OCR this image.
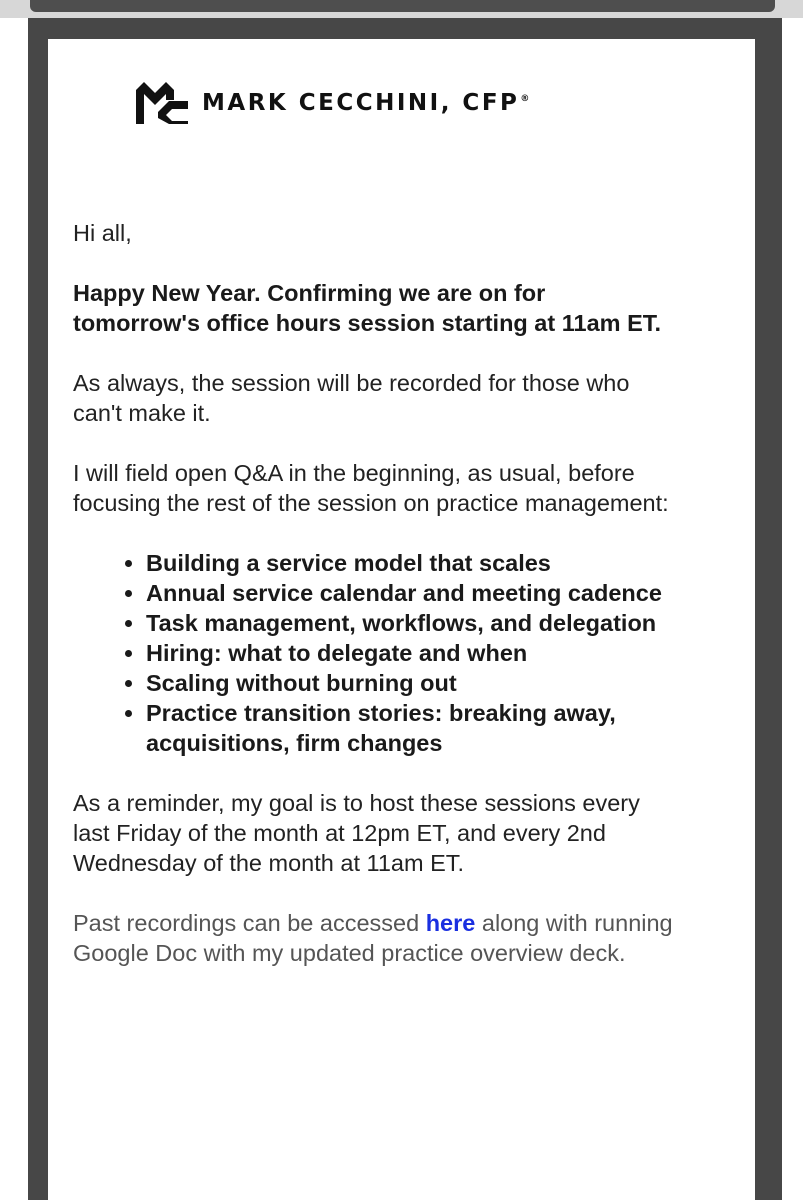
MARK CECCHINI, CFP®

Hi all,

Happy New Year. Confirming we are on for tomorrow's office hours session starting at 11am ET.

As always, the session will be recorded for those who can't make it.

I will field open Q&A in the beginning, as usual, before focusing the rest of the session on practice management:

• Building a service model that scales
• Annual service calendar and meeting cadence
• Task management, workflows, and delegation
• Hiring: what to delegate and when
• Scaling without burning out
• Practice transition stories: breaking away, acquisitions, firm changes

As a reminder, my goal is to host these sessions every last Friday of the month at 12pm ET, and every 2nd Wednesday of the month at 11am ET.

Past recordings can be accessed here along with running Google Doc with my updated practice overview deck.
